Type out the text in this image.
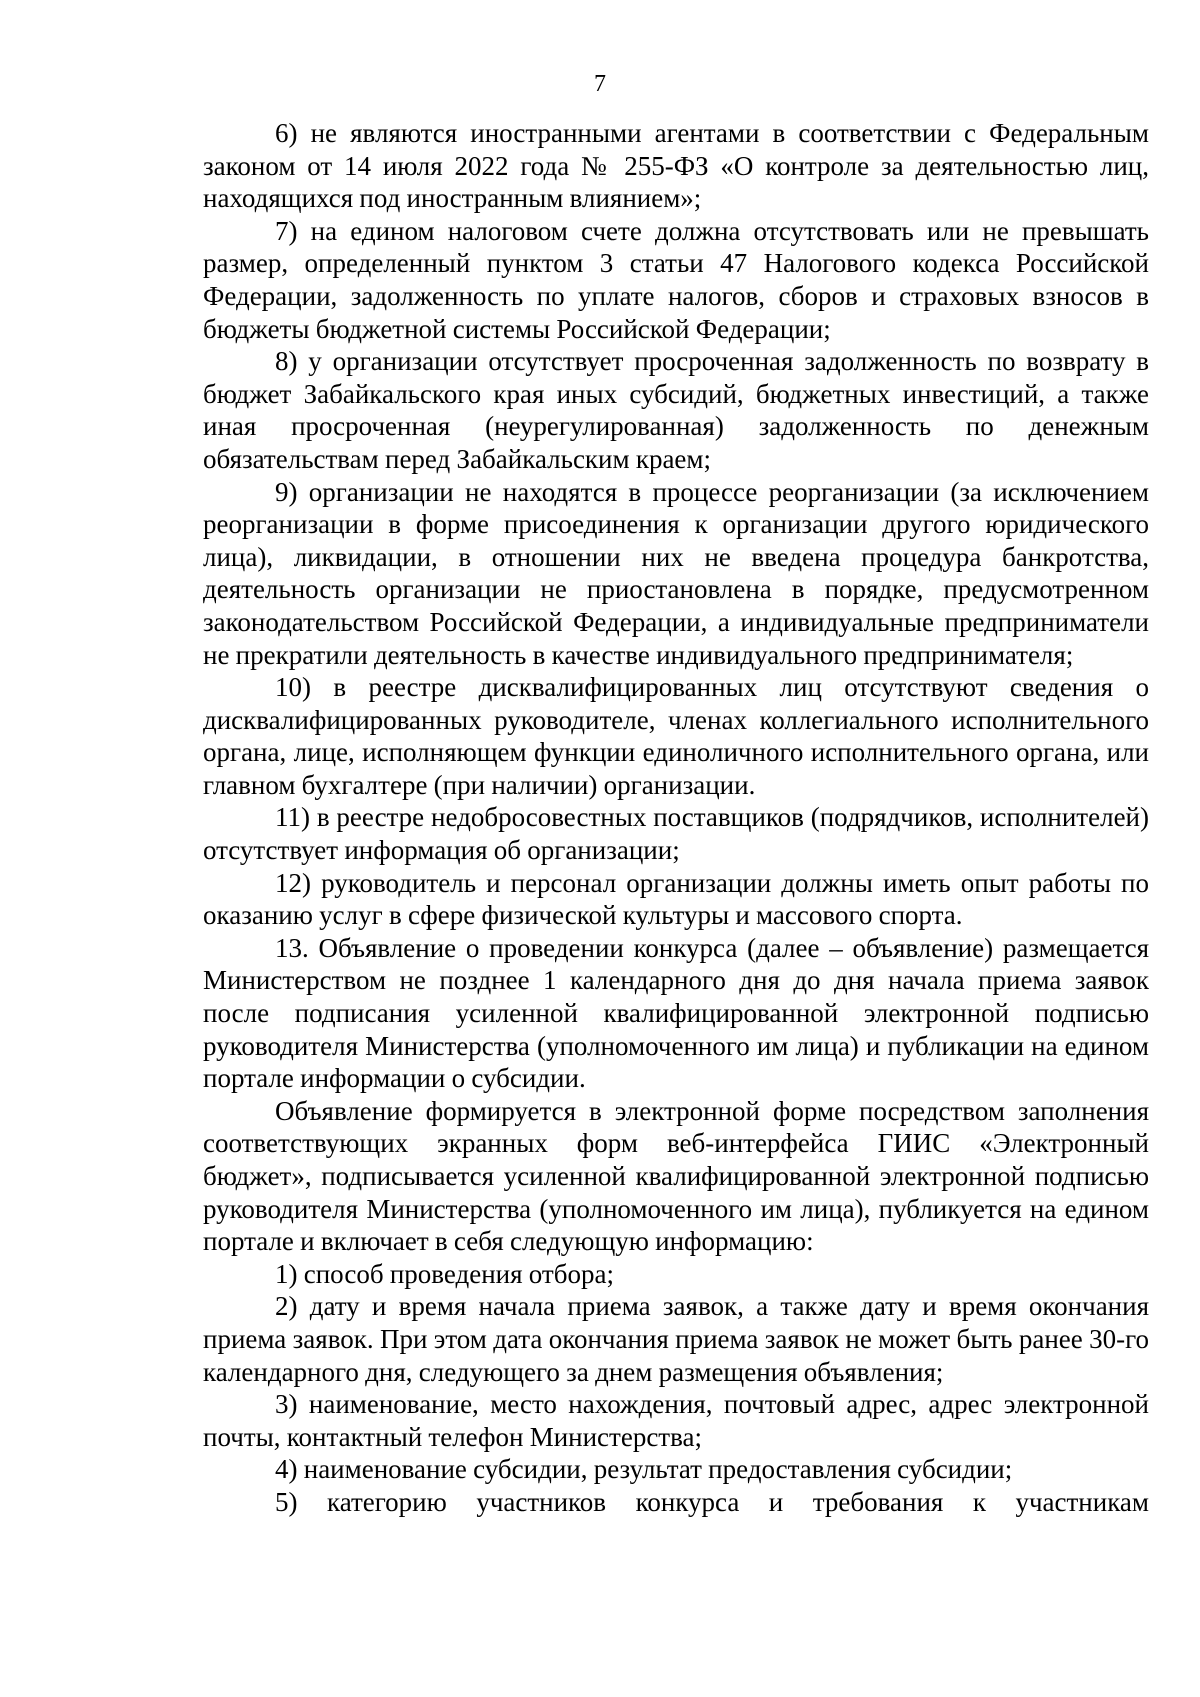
7

6) не являются иностранными агентами в соответствии с Федеральным законом от 14 июля 2022 года № 255-ФЗ «О контроле за деятельностью лиц, находящихся под иностранным влиянием»;

7) на едином налоговом счете должна отсутствовать или не превышать размер, определенный пунктом 3 статьи 47 Налогового кодекса Российской Федерации, задолженность по уплате налогов, сборов и страховых взносов в бюджеты бюджетной системы Российской Федерации;

8) у организации отсутствует просроченная задолженность по возврату в бюджет Забайкальского края иных субсидий, бюджетных инвестиций, а также иная просроченная (неурегулированная) задолженность по денежным обязательствам перед Забайкальским краем;

9) организации не находятся в процессе реорганизации (за исключением реорганизации в форме присоединения к организации другого юридического лица), ликвидации, в отношении них не введена процедура банкротства, деятельность организации не приостановлена в порядке, предусмотренном законодательством Российской Федерации, а индивидуальные предприниматели не прекратили деятельность в качестве индивидуального предпринимателя;

10) в реестре дисквалифицированных лиц отсутствуют сведения о дисквалифицированных руководителе, членах коллегиального исполнительного органа, лице, исполняющем функции единоличного исполнительного органа, или главном бухгалтере (при наличии) организации.

11) в реестре недобросовестных поставщиков (подрядчиков, исполнителей) отсутствует информация об организации;

12) руководитель и персонал организации должны иметь опыт работы по оказанию услуг в сфере физической культуры и массового спорта.

13. Объявление о проведении конкурса (далее – объявление) размещается Министерством не позднее 1 календарного дня до дня начала приема заявок после подписания усиленной квалифицированной электронной подписью руководителя Министерства (уполномоченного им лица) и публикации на едином портале информации о субсидии.

Объявление формируется в электронной форме посредством заполнения соответствующих экранных форм веб-интерфейса ГИИС «Электронный бюджет», подписывается усиленной квалифицированной электронной подписью руководителя Министерства (уполномоченного им лица), публикуется на едином портале и включает в себя следующую информацию:

1) способ проведения отбора;

2) дату и время начала приема заявок, а также дату и время окончания приема заявок. При этом дата окончания приема заявок не может быть ранее 30-го календарного дня, следующего за днем размещения объявления;

3) наименование, место нахождения, почтовый адрес, адрес электронной почты, контактный телефон Министерства;

4) наименование субсидии, результат предоставления субсидии;

5) категорию участников конкурса и требования к участникам
